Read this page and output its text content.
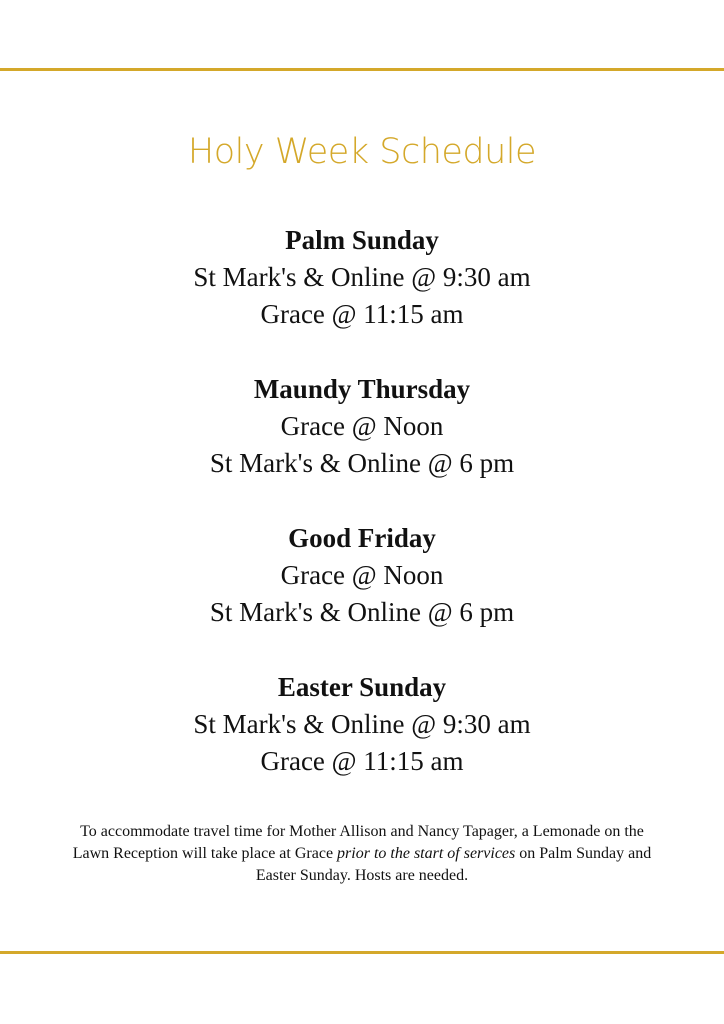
Holy Week Schedule
Palm Sunday
St Mark's & Online @ 9:30 am
Grace @ 11:15 am
Maundy Thursday
Grace @ Noon
St Mark's & Online @ 6 pm
Good Friday
Grace @ Noon
St Mark's & Online @ 6 pm
Easter Sunday
St Mark's & Online @ 9:30 am
Grace @ 11:15 am
To accommodate travel time for Mother Allison and Nancy Tapager, a Lemonade on the Lawn Reception will take place at Grace prior to the start of services on Palm Sunday and Easter Sunday. Hosts are needed.
